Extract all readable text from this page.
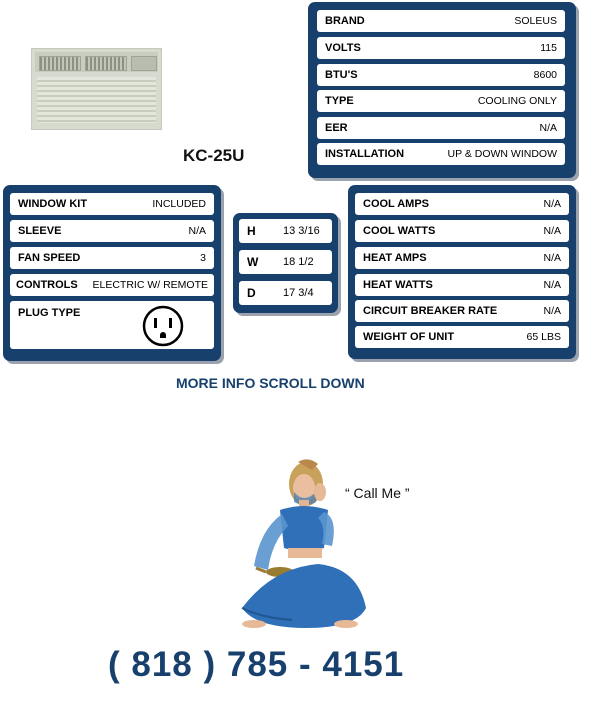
KC-25U
BRAND	SOLEUS
VOLTS	115
BTU'S	8600
TYPE	COOLING ONLY
EER	N/A
INSTALLATION	UP & DOWN WINDOW
WINDOW KIT	INCLUDED
SLEEVE	N/A
FAN SPEED	3
CONTROLS ELECTRIC W/ REMOTE
PLUG TYPE
H	13 3/16
W	18 1/2
D	17 3/4
COOL AMPS	N/A
COOL WATTS	N/A
HEAT AMPS	N/A
HEAT WATTS	N/A
CIRCUIT BREAKER RATE	N/A
WEIGHT OF UNIT	65 LBS
MORE INFO SCROLL DOWN
“ Call Me ”
( 818 ) 785 - 4151
